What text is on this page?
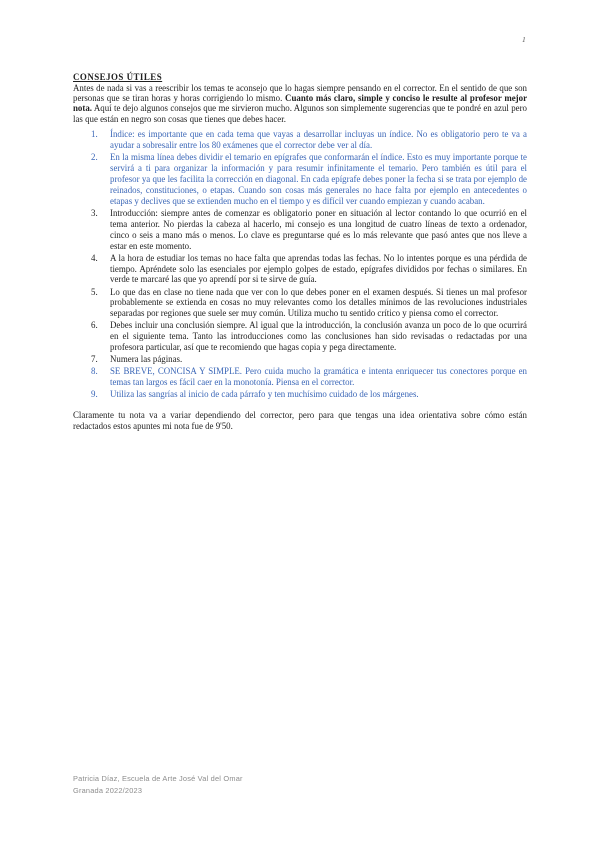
1
CONSEJOS ÚTILES

Antes de nada si vas a reescribir los temas te aconsejo que lo hagas siempre pensando en el corrector. En el sentido de que son personas que se tiran horas y horas corrigiendo lo mismo. Cuanto más claro, simple y conciso le resulte al profesor mejor nota. Aquí te dejo algunos consejos que me sirvieron mucho. Algunos son simplemente sugerencias que te pondré en azul pero las que están en negro son cosas que tienes que debes hacer.

1.	Índice: es importante que en cada tema que vayas a desarrollar incluyas un índice. No es obligatorio pero te va a ayudar a sobresalir entre los 80 exámenes que el corrector debe ver al día.
2.	En la misma línea debes dividir el temario en epígrafes que conformarán el índice. Esto es muy importante porque te servirá a ti para organizar la información y para resumir infinitamente el temario. Pero también es útil para el profesor ya que les facilita la corrección en diagonal. En cada epígrafe debes poner la fecha si se trata por ejemplo de reinados, constituciones, o etapas. Cuando son cosas más generales no hace falta por ejemplo en antecedentes o etapas y declives que se extienden mucho en el tiempo y es difícil ver cuando empiezan y cuando acaban.
3.	Introducción: siempre antes de comenzar es obligatorio poner en situación al lector contando lo que ocurrió en el tema anterior. No pierdas la cabeza al hacerlo, mi consejo es una longitud de cuatro líneas de texto a ordenador, cinco o seis a mano más o menos. Lo clave es preguntarse qué es lo más relevante que pasó antes que nos lleve a estar en este momento.
4.	A la hora de estudiar los temas no hace falta que aprendas todas las fechas. No lo intentes porque es una pérdida de tiempo. Apréndete solo las esenciales por ejemplo golpes de estado, epígrafes divididos por fechas o similares. En verde te marcaré las que yo aprendí por si te sirve de guía.
5.	Lo que das en clase no tiene nada que ver con lo que debes poner en el examen después. Si tienes un mal profesor probablemente se extienda en cosas no muy relevantes como los detalles mínimos de las revoluciones industriales separadas por regiones que suele ser muy común. Utiliza mucho tu sentido crítico y piensa como el corrector.
6.	Debes incluir una conclusión siempre. Al igual que la introducción, la conclusión avanza un poco de lo que ocurrirá en el siguiente tema. Tanto las introducciones como las conclusiones han sido revisadas o redactadas por una profesora particular, así que te recomiendo que hagas copia y pega directamente.
7.	Numera las páginas.
8.	SE BREVE, CONCISA Y SIMPLE. Pero cuida mucho la gramática e intenta enriquecer tus conectores porque en temas tan largos es fácil caer en la monotonía. Piensa en el corrector.
9.	Utiliza las sangrías al inicio de cada párrafo y ten muchísimo cuidado de los márgenes.

Claramente tu nota va a variar dependiendo del corrector, pero para que tengas una idea orientativa sobre cómo están redactados estos apuntes mi nota fue de 9'50.

Patricia Díaz, Escuela de Arte José Val del Omar
Granada 2022/2023
